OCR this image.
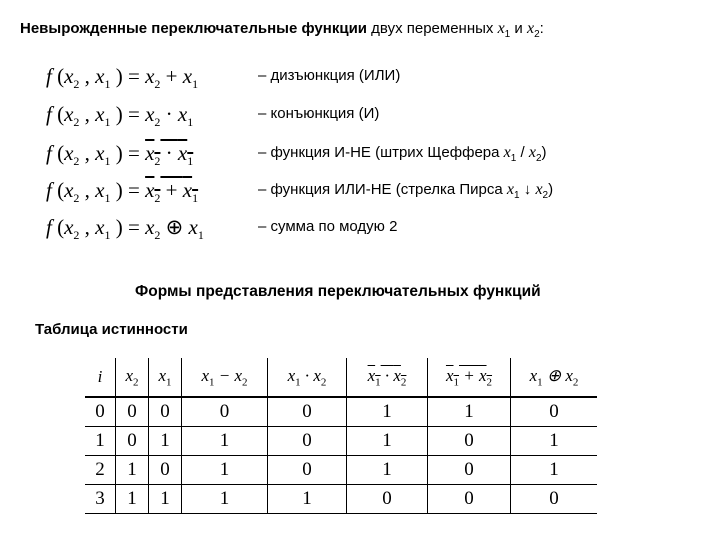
Невырожденные переключательные функции двух переменных $x_1$ и $x_2$:
f ($x_2$ , $x_1$ ) = $x_2 + x_1$
– дизъюнкция (ИЛИ)
f ($x_2$ , $x_1$ ) = $x_2 \cdot x_1$
– конъюнкция (И)
f ($x_2$ , $x_1$ ) = $x_2 \cdot x_1$
– функция И-НЕ (штрих Щеффера $x_1 / x_2$)
f ($x_2$ , $x_1$ ) = $x_2 + x_1$
– функция ИЛИ-НЕ (стрелка Пирса $x_1$ ↓ $x_2$)
f ($x_2$ , $x_1$ ) = $x_2$ ⊕ $x_1$
– сумма по модую 2
Формы представления переключательных функций
Таблица истинности
i	$x_2$	$x_1$	$x_1 - x_2$	$x_1 \cdot x_2$	$x_1 \cdot x_2$	$x_1 + x_2$	$x_1$ ⊕ $x_2$
0	0	0	0	0	1	1	0
1	0	1	1	0	1	0	1
2	1	0	1	0	1	0	1
3	1	1	1	1	0	0	0
